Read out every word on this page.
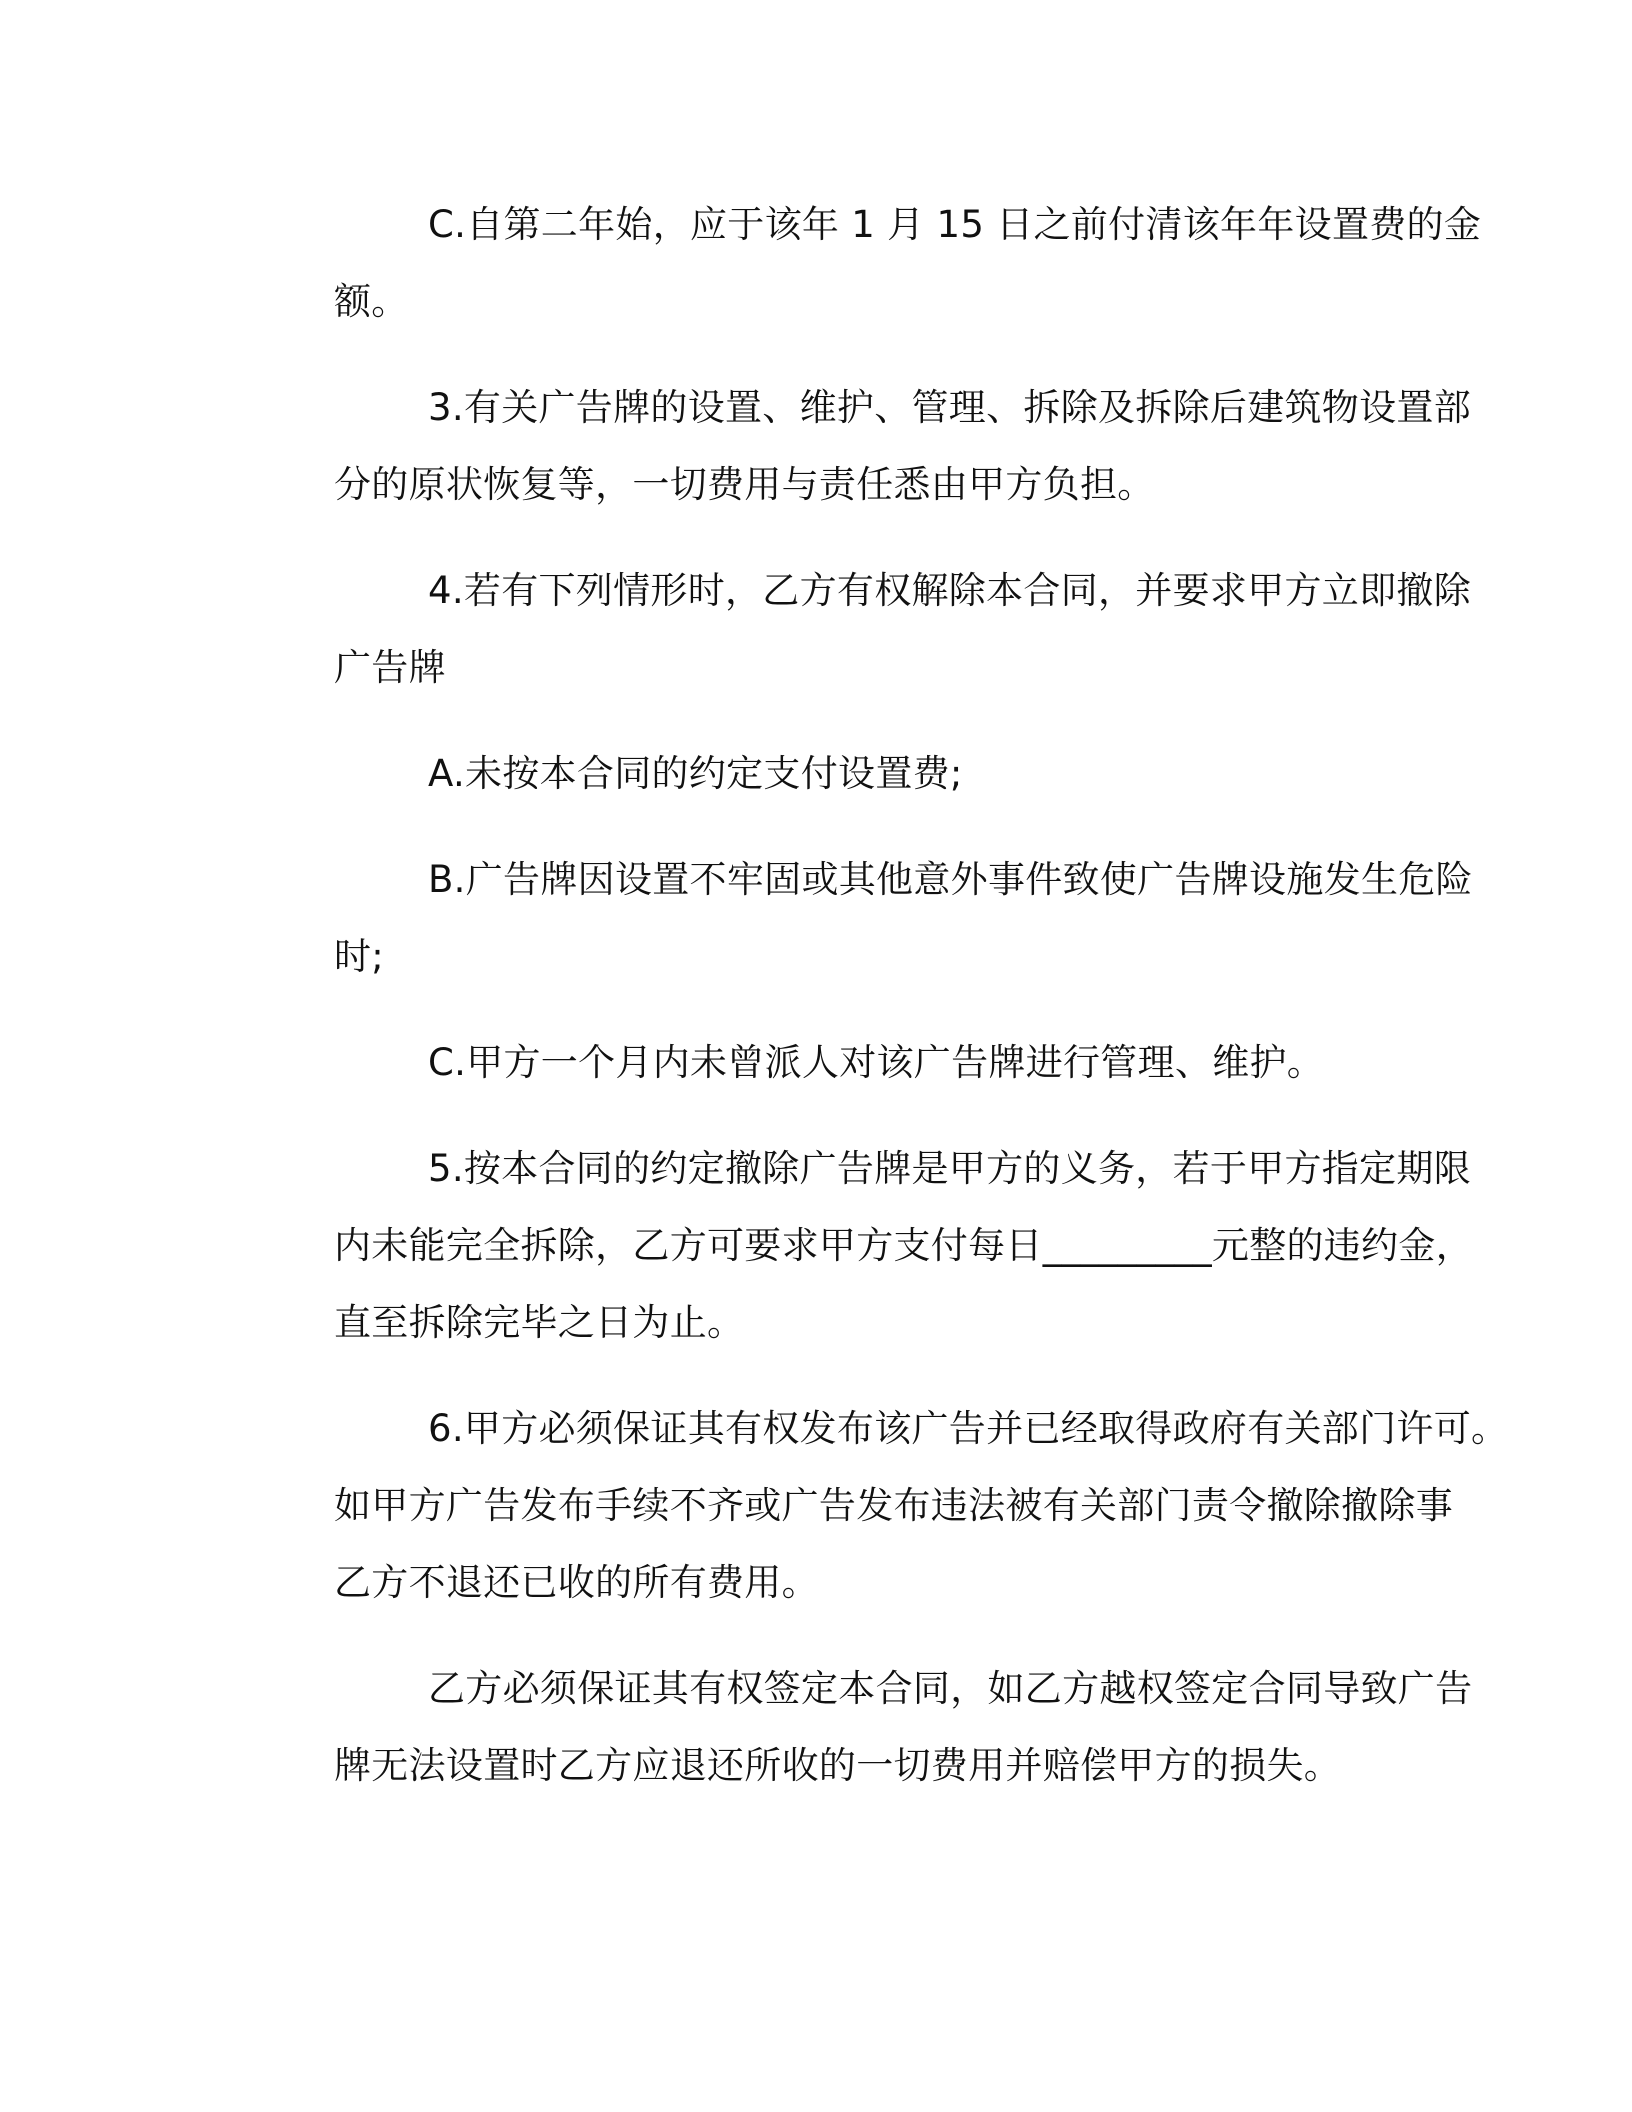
C.自第二年始，应于该年 1 月 15 日之前付清该年年设置费的金
额。
3.有关广告牌的设置、维护、管理、拆除及拆除后建筑物设置部
分的原状恢复等，一切费用与责任悉由甲方负担。
4.若有下列情形时，乙方有权解除本合同，并要求甲方立即撤除
广告牌
A.未按本合同的约定支付设置费;
B.广告牌因设置不牢固或其他意外事件致使广告牌设施发生危险
时;
C.甲方一个月内未曾派人对该广告牌进行管理、维护。
5.按本合同的约定撤除广告牌是甲方的义务，若于甲方指定期限
内未能完全拆除，乙方可要求甲方支付每日_________元整的违约金，
直至拆除完毕之日为止。
6.甲方必须保证其有权发布该广告并已经取得政府有关部门许可。
如甲方广告发布手续不齐或广告发布违法被有关部门责令撤除撤除事
乙方不退还已收的所有费用。
乙方必须保证其有权签定本合同，如乙方越权签定合同导致广告
牌无法设置时乙方应退还所收的一切费用并赔偿甲方的损失。
